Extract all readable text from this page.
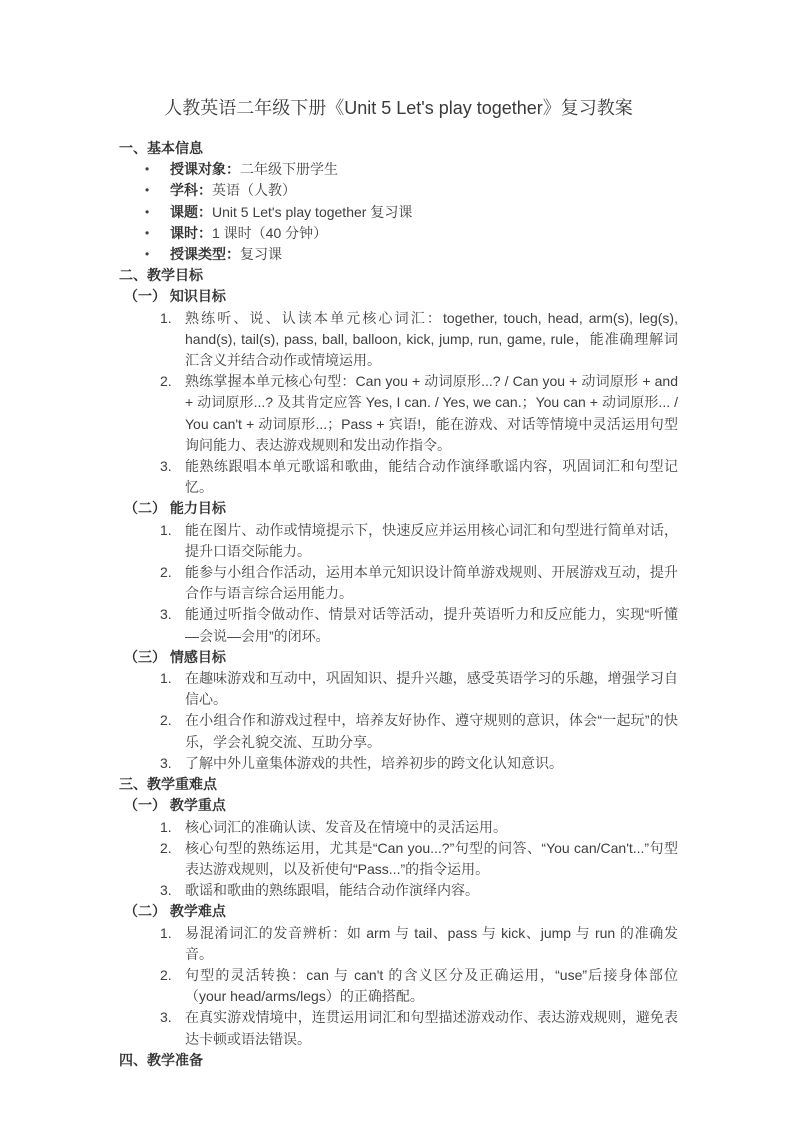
人教英语二年级下册《Unit 5 Let's play together》复习教案
一、基本信息
•	授课对象： 二年级下册学生
•	学科： 英语（人教）
•	课题： Unit 5 Let's play together 复习课
•	课时： 1 课时（40 分钟）
•	授课类型： 复习课
二、教学目标
（一） 知识目标
1. 熟练听、说、认读本单元核心词汇：together, touch, head, arm(s), leg(s), hand(s), tail(s), pass, ball, balloon, kick, jump, run, game, rule，能准确理解词汇含义并结合动作或情境运用。
2. 熟练掌握本单元核心句型：Can you + 动词原形...? / Can you + 动词原形 + and + 动词原形...? 及其肯定应答 Yes, I can. / Yes, we can.；You can + 动词原形... / You can't + 动词原形...；Pass + 宾语!，能在游戏、对话等情境中灵活运用句型询问能力、表达游戏规则和发出动作指令。
3. 能熟练跟唱本单元歌谣和歌曲，能结合动作演绎歌谣内容，巩固词汇和句型记忆。
（二） 能力目标
1. 能在图片、动作或情境提示下，快速反应并运用核心词汇和句型进行简单对话，提升口语交际能力。
2. 能参与小组合作活动，运用本单元知识设计简单游戏规则、开展游戏互动，提升合作与语言综合运用能力。
3. 能通过听指令做动作、情景对话等活动，提升英语听力和反应能力，实现“听懂—会说—会用”的闭环。
（三） 情感目标
1. 在趣味游戏和互动中，巩固知识、提升兴趣，感受英语学习的乐趣，增强学习自信心。
2. 在小组合作和游戏过程中，培养友好协作、遵守规则的意识，体会“一起玩”的快乐，学会礼貌交流、互助分享。
3. 了解中外儿童集体游戏的共性，培养初步的跨文化认知意识。
三、教学重难点
（一） 教学重点
1. 核心词汇的准确认读、发音及在情境中的灵活运用。
2. 核心句型的熟练运用，尤其是“Can you...?”句型的问答、“You can/Can't...”句型表达游戏规则，以及祈使句“Pass...”的指令运用。
3. 歌谣和歌曲的熟练跟唱，能结合动作演绎内容。
（二） 教学难点
1. 易混淆词汇的发音辨析：如 arm 与 tail、pass 与 kick、jump 与 run 的准确发音。
2. 句型的灵活转换：can 与 can't 的含义区分及正确运用，“use”后接身体部位（your head/arms/legs）的正确搭配。
3. 在真实游戏情境中，连贯运用词汇和句型描述游戏动作、表达游戏规则，避免表达卡顿或语法错误。
四、教学准备
